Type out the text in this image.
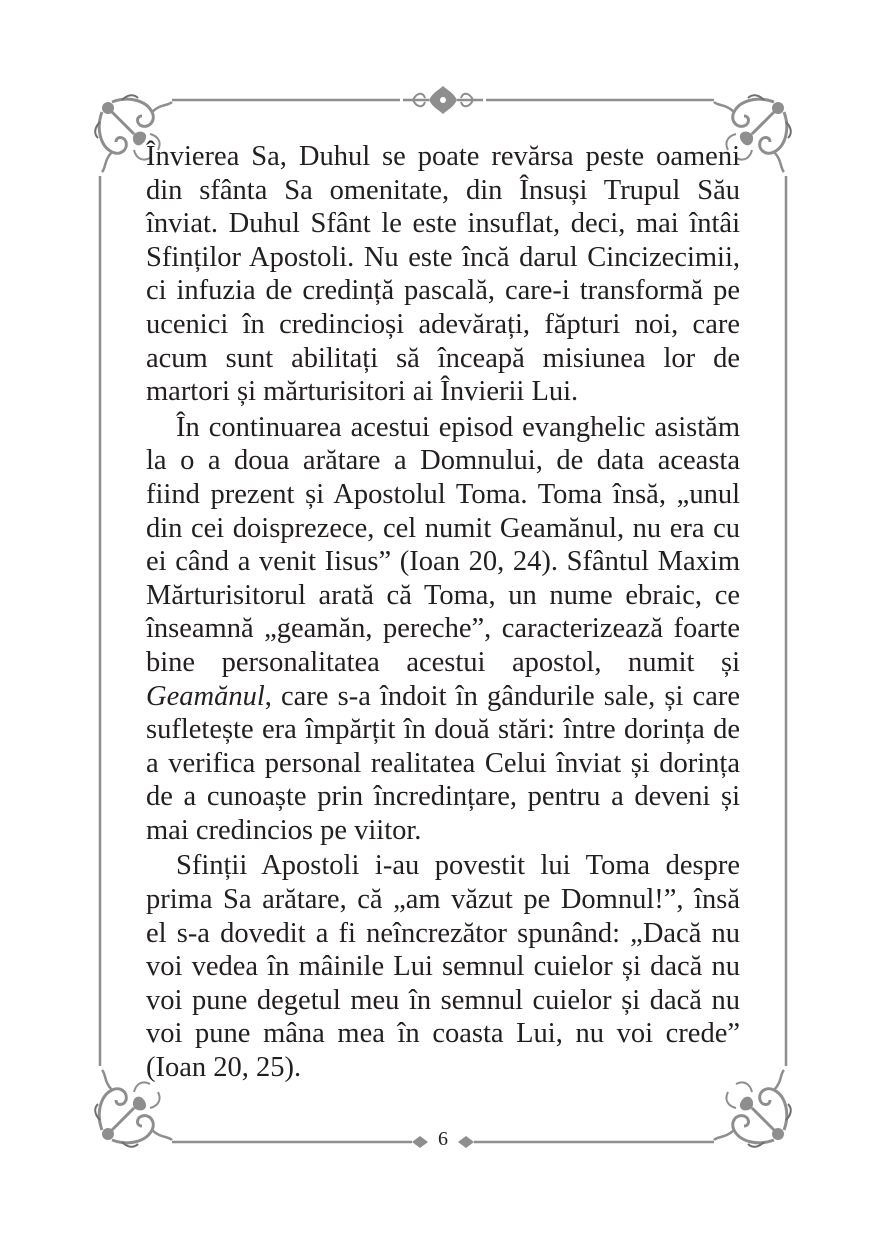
Învierea Sa, Duhul se poate revărsa peste oameni din sfânta Sa omenitate, din Însuși Trupul Său înviat. Duhul Sfânt le este insuflat, deci, mai întâi Sfinților Apostoli. Nu este încă darul Cincizecimii, ci infuzia de credință pascală, care-i transformă pe ucenici în credincioși adevărați, făpturi noi, care acum sunt abilitați să înceapă misiunea lor de martori și mărturisitori ai Învierii Lui.

În continuarea acestui episod evanghelic asistăm la o a doua arătare a Domnului, de data aceasta fiind prezent și Apostolul Toma. Toma însă, „unul din cei doisprezece, cel numit Geamănul, nu era cu ei când a venit Iisus” (Ioan 20, 24). Sfântul Maxim Mărturisitorul arată că Toma, un nume ebraic, ce înseamnă „geamăn, pereche”, caracterizează foarte bine personalitatea acestui apostol, numit și Geamănul, care s-a îndoit în gândurile sale, și care sufletește era împărțit în două stări: între dorința de a verifica personal realitatea Celui înviat și dorința de a cunoaște prin încredințare, pentru a deveni și mai credincios pe viitor.

Sfinții Apostoli i-au povestit lui Toma despre prima Sa arătare, că „am văzut pe Domnul!”, însă el s-a dovedit a fi neîncrezător spunând: „Dacă nu voi vedea în mâinile Lui semnul cuielor și dacă nu voi pune degetul meu în semnul cuielor și dacă nu voi pune mâna mea în coasta Lui, nu voi crede” (Ioan 20, 25).

6
